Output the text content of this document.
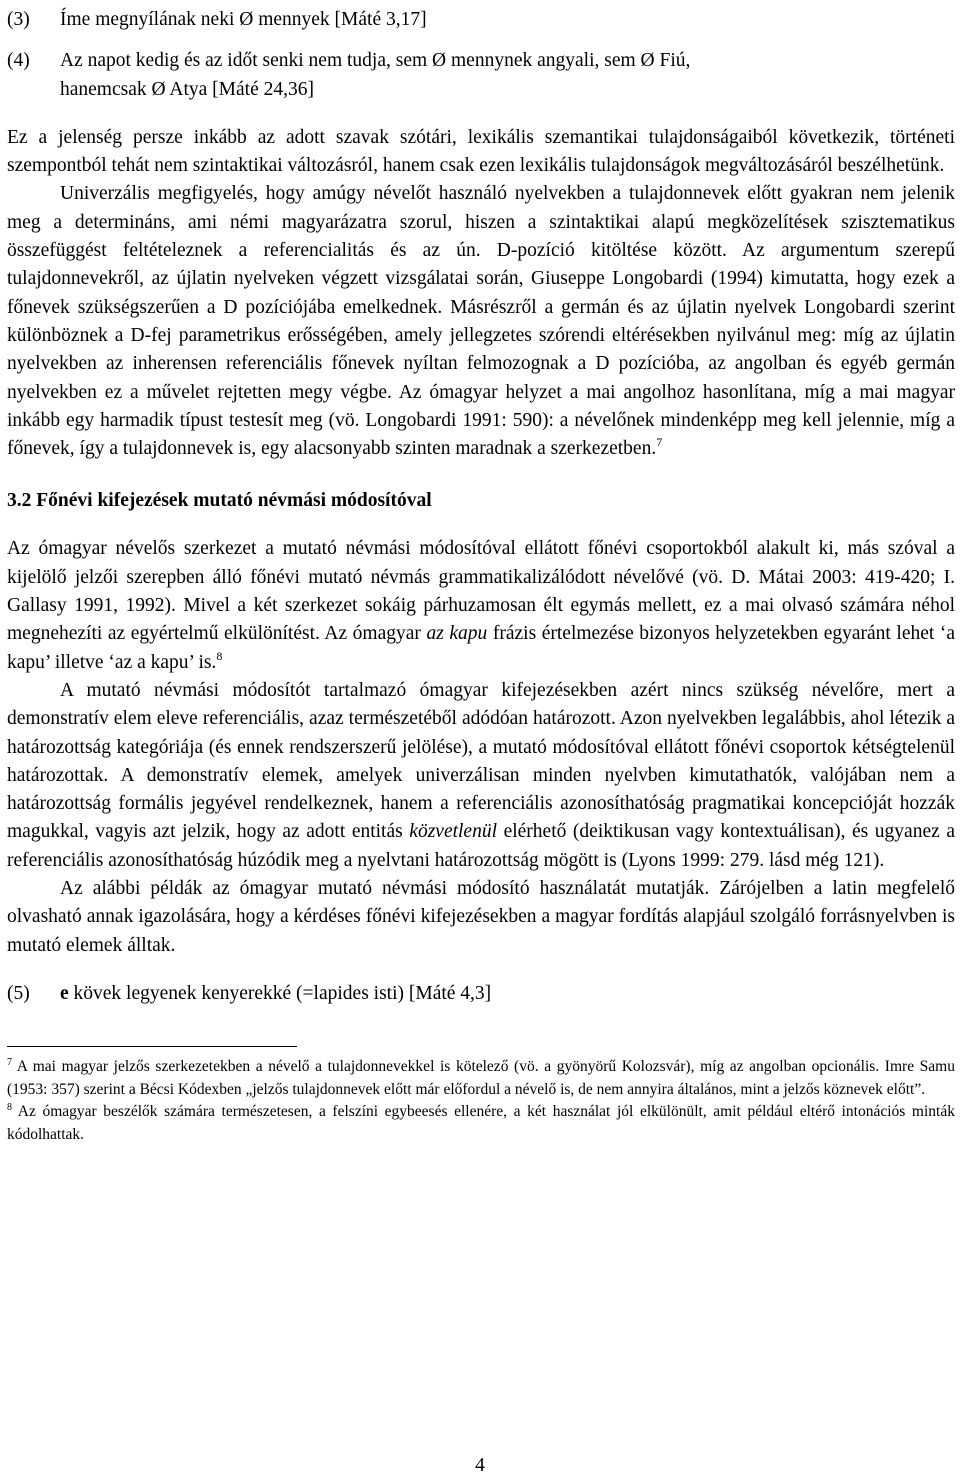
(3)	Íme megnyílának neki Ø mennyek [Máté 3,17]
(4)	Az napot kedig és az időt senki nem tudja, sem Ø mennynek angyali, sem Ø Fiú,
hanemcsak Ø Atya [Máté 24,36]

Ez a jelenség persze inkább az adott szavak szótári, lexikális szemantikai tulajdonságaiból következik, történeti szempontból tehát nem szintaktikai változásról, hanem csak ezen lexikális tulajdonságok megváltozásáról beszélhetünk.

Univerzális megfigyelés, hogy amúgy névelőt használó nyelvekben a tulajdonnevek előtt gyakran nem jelenik meg a determináns, ami némi magyarázatra szorul, hiszen a szintaktikai alapú megközelítések szisztematikus összefüggést feltételeznek a referencialitás és az ún. D-pozíció kitöltése között. Az argumentum szerepű tulajdonnevekről, az újlatin nyelveken végzett vizsgálatai során, Giuseppe Longobardi (1994) kimutatta, hogy ezek a főnevek szükségszerűen a D pozíciójába emelkednek. Másrészről a germán és az újlatin nyelvek Longobardi szerint különböznek a D-fej parametrikus erősségében, amely jellegzetes szórendi eltérésekben nyilvánul meg: míg az újlatin nyelvekben az inherensen referenciális főnevek nyíltan felmozognak a D pozícióba, az angolban és egyéb germán nyelvekben ez a művelet rejtetten megy végbe. Az ómagyar helyzet a mai angolhoz hasonlítana, míg a mai magyar inkább egy harmadik típust testesít meg (vö. Longobardi 1991: 590): a névelőnek mindenképp meg kell jelennie, míg a főnevek, így a tulajdonnevek is, egy alacsonyabb szinten maradnak a szerkezetben.$^7$

3.2 Főnévi kifejezések mutató névmási módosítóval

Az ómagyar névelős szerkezet a mutató névmási módosítóval ellátott főnévi csoportokból alakult ki, más szóval a kijelölő jelzői szerepben álló főnévi mutató névmás grammatikalizálódott névelővé (vö. D. Mátai 2003: 419-420; I. Gallasy 1991, 1992). Mivel a két szerkezet sokáig párhuzamosan élt egymás mellett, ez a mai olvasó számára néhol megnehezíti az egyértelmű elkülönítést. Az ómagyar az kapu frázis értelmezése bizonyos helyzetekben egyaránt lehet ‘a kapu’ illetve ‘az a kapu’ is.$^8$

A mutató névmási módosítót tartalmazó ómagyar kifejezésekben azért nincs szükség névelőre, mert a demonstratív elem eleve referenciális, azaz természetéből adódóan határozott. Azon nyelvekben legalábbis, ahol létezik a határozottság kategóriája (és ennek rendszerszerű jelölése), a mutató módosítóval ellátott főnévi csoportok kétségtelenül határozottak. A demonstratív elemek, amelyek univerzálisan minden nyelvben kimutathatók, valójában nem a határozottság formális jegyével rendelkeznek, hanem a referenciális azonosíthatóság pragmatikai koncepcióját hozzák magukkal, vagyis azt jelzik, hogy az adott entitás közvetlenül elérhető (deiktikusan vagy kontextuálisan), és ugyanez a referenciális azonosíthatóság húzódik meg a nyelvtani határozottság mögött is (Lyons 1999: 279. lásd még 121).

Az alábbi példák az ómagyar mutató névmási módosító használatát mutatják. Zárójelben a latin megfelelő olvasható annak igazolására, hogy a kérdéses főnévi kifejezésekben a magyar fordítás alapjául szolgáló forrásnyelvben is mutató elemek álltak.

(5)	e kövek legyenek kenyerekké (=lapides isti) [Máté 4,3]

$^7$ A mai magyar jelzős szerkezetekben a névelő a tulajdonnevekkel is kötelező (vö. a gyönyörű Kolozsvár), míg az angolban opcionális. Imre Samu (1953: 357) szerint a Bécsi Kódexben „jelzős tulajdonnevek előtt már előfordul a névelő is, de nem annyira általános, mint a jelzős köznevek előtt”.

$^8$ Az ómagyar beszélők számára természetesen, a felszíni egybeesés ellenére, a két használat jól elkülönült, amit például eltérő intonációs minták kódolhattak.

4
